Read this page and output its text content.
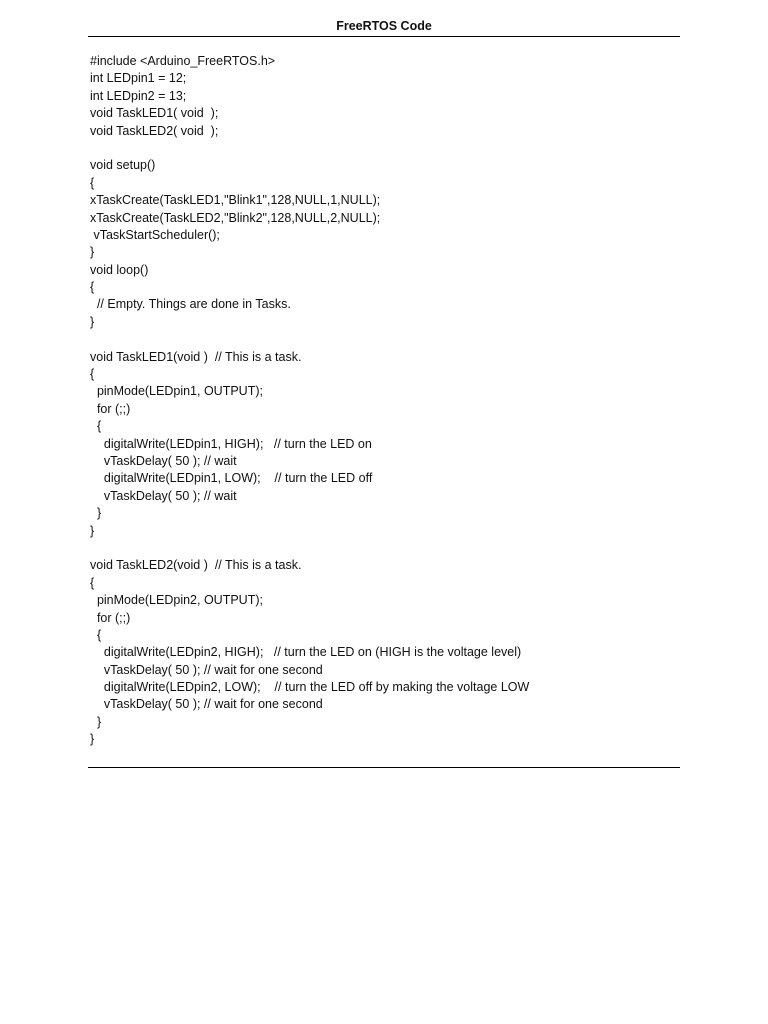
FreeRTOS Code
#include <Arduino_FreeRTOS.h>
int LEDpin1 = 12;
int LEDpin2 = 13;
void TaskLED1( void  );
void TaskLED2( void  );
void setup()
{
xTaskCreate(TaskLED1,"Blink1",128,NULL,1,NULL);
xTaskCreate(TaskLED2,"Blink2",128,NULL,2,NULL);
vTaskStartScheduler();
}
void loop()
{
// Empty. Things are done in Tasks.
}
void TaskLED1(void )  // This is a task.
{
pinMode(LEDpin1, OUTPUT);
for (;;)
{
digitalWrite(LEDpin1, HIGH);   // turn the LED on
vTaskDelay( 50 ); // wait
digitalWrite(LEDpin1, LOW);    // turn the LED off
vTaskDelay( 50 ); // wait
}
}
void TaskLED2(void )  // This is a task.
{
pinMode(LEDpin2, OUTPUT);
for (;;)
{
digitalWrite(LEDpin2, HIGH);   // turn the LED on (HIGH is the voltage level)
vTaskDelay( 50 ); // wait for one second
digitalWrite(LEDpin2, LOW);    // turn the LED off by making the voltage LOW
vTaskDelay( 50 ); // wait for one second
}
}
